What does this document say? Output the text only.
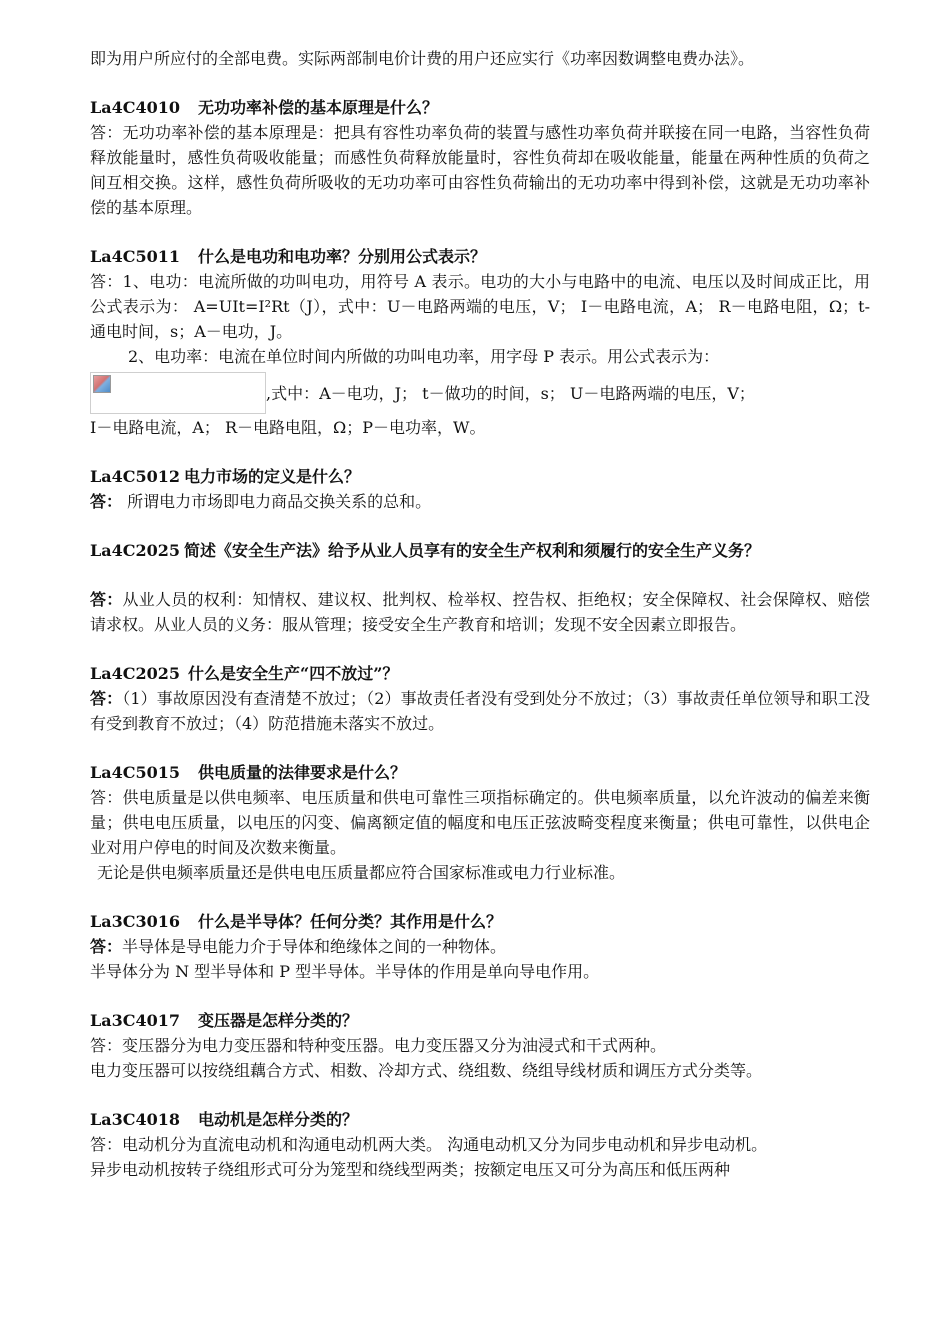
即为用户所应付的全部电费。实际两部制电价计费的用户还应实行《功率因数调整电费办法》。

La4C4010 无功功率补偿的基本原理是什么？

答：无功功率补偿的基本原理是：把具有容性功率负荷的装置与感性功率负荷并联接在同一电路，当容性负荷释放能量时，感性负荷吸收能量；而感性负荷释放能量时，容性负荷却在吸收能量，能量在两种性质的负荷之间互相交换。这样，感性负荷所吸收的无功功率可由容性负荷输出的无功功率中得到补偿，这就是无功功率补偿的基本原理。

La4C5011 什么是电功和电功率？分别用公式表示？

答：1、电功：电流所做的功叫电功，用符号 A 表示。电功的大小与电路中的电流、电压以及时间成正比，用公式表示为： A=UIt=I²Rt（J），式中：U－电路两端的电压，V； I－电路电流，A； R－电路电阻，Ω；t-通电时间，s；A－电功，J。

2、电功率：电流在单位时间内所做的功叫电功率，用字母 P 表示。用公式表示为：

,式中：A－电功，J； t－做功的时间，s； U－电路两端的电压，V；

I－电路电流，A； R－电路电阻，Ω；P－电功率，W。

La4C5012 电力市场的定义是什么？

答： 所谓电力市场即电力商品交换关系的总和。

La4C2025 简述《安全生产法》给予从业人员享有的安全生产权利和须履行的安全生产义务？

答：从业人员的权利：知情权、建议权、批判权、检举权、控告权、拒绝权；安全保障权、社会保障权、赔偿请求权。从业人员的义务：服从管理；接受安全生产教育和培训；发现不安全因素立即报告。

La4C2025 什么是安全生产“四不放过”？

答：（1）事故原因没有查清楚不放过；（2）事故责任者没有受到处分不放过；（3）事故责任单位领导和职工没有受到教育不放过；（4）防范措施未落实不放过。

La4C5015 供电质量的法律要求是什么？

答：供电质量是以供电频率、电压质量和供电可靠性三项指标确定的。供电频率质量，以允许波动的偏差来衡量；供电电压质量，以电压的闪变、偏离额定值的幅度和电压正弦波畸变程度来衡量；供电可靠性，以供电企业对用户停电的时间及次数来衡量。

无论是供电频率质量还是供电电压质量都应符合国家标准或电力行业标准。

La3C3016 什么是半导体？任何分类？其作用是什么？

答：半导体是导电能力介于导体和绝缘体之间的一种物体。

半导体分为 N 型半导体和 P 型半导体。半导体的作用是单向导电作用。

La3C4017 变压器是怎样分类的？

答：变压器分为电力变压器和特种变压器。电力变压器又分为油浸式和干式两种。

电力变压器可以按绕组藕合方式、相数、冷却方式、绕组数、绕组导线材质和调压方式分类等。

La3C4018 电动机是怎样分类的？

答：电动机分为直流电动机和沟通电动机两大类。 沟通电动机又分为同步电动机和异步电动机。

异步电动机按转子绕组形式可分为笼型和绕线型两类；按额定电压又可分为高压和低压两种
